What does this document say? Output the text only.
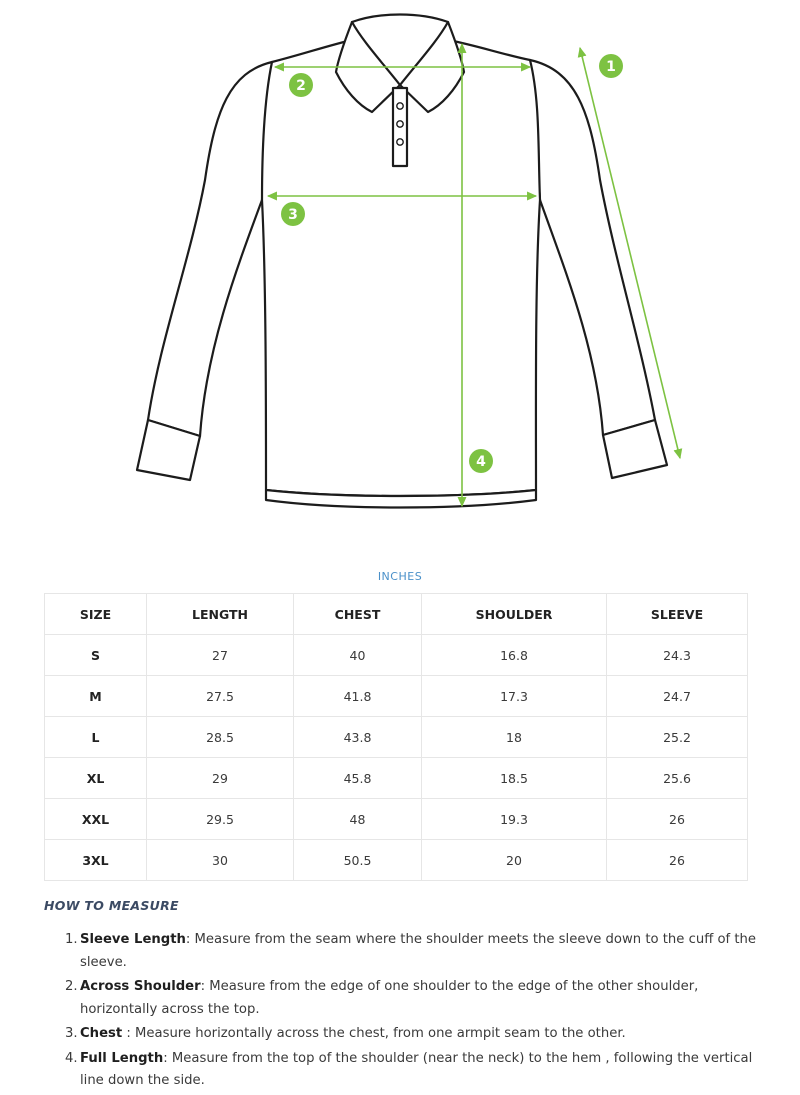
1
2
3
4
INCHES
SIZE	LENGTH	CHEST	SHOULDER	SLEEVE
S	27	40	16.8	24.3
M	27.5	41.8	17.3	24.7
L	28.5	43.8	18	25.2
XL	29	45.8	18.5	25.6
XXL	29.5	48	19.3	26
3XL	30	50.5	20	26
HOW TO MEASURE
1. Sleeve Length: Measure from the seam where the shoulder meets the sleeve down to the cuff of the sleeve.
2. Across Shoulder: Measure from the edge of one shoulder to the edge of the other shoulder, horizontally across the top.
3. Chest : Measure horizontally across the chest, from one armpit seam to the other.
4. Full Length: Measure from the top of the shoulder (near the neck) to the hem , following the vertical line down the side.
